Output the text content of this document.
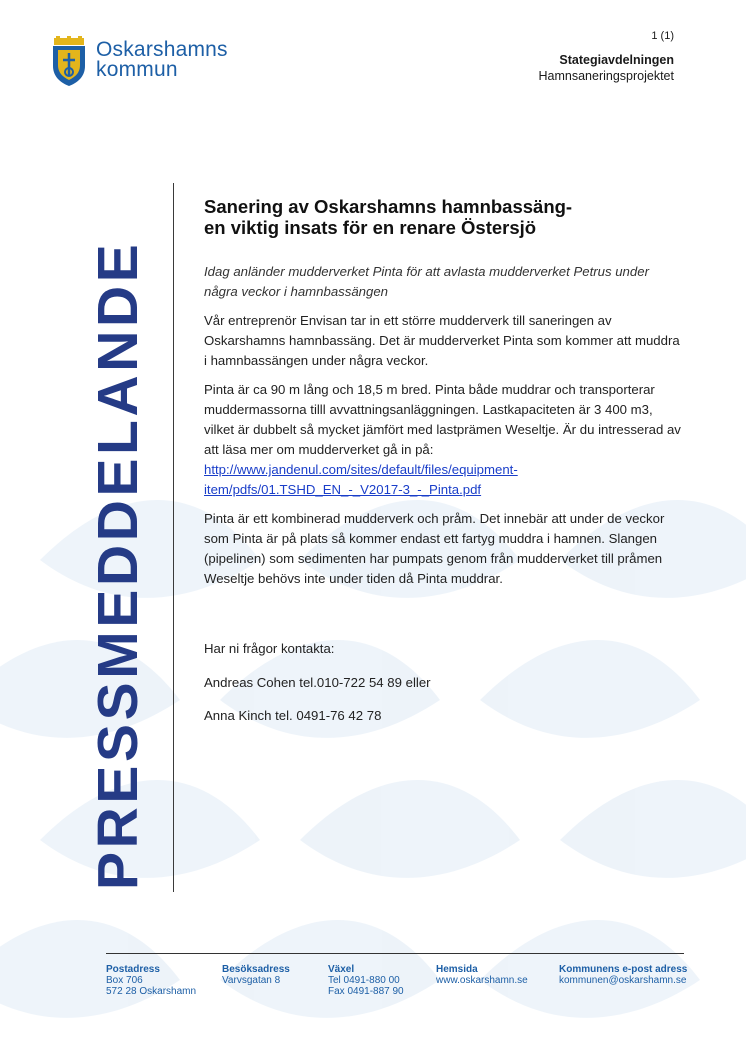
Oskarshamns
kommun
1 (1)
Stategiavdelningen
Hamnsaneringsprojektet
PRESSMEDDELANDE
Sanering av Oskarshamns hamnbassäng-
en viktig insats för en renare Östersjö

Idag anländer mudderverket Pinta för att avlasta mudderverket Petrus under några veckor i hamnbassängen

Vår entreprenör Envisan tar in ett större mudderverk till saneringen av Oskarshamns hamnbassäng. Det är mudderverket Pinta som kommer att muddra i hamnbassängen under några veckor.

Pinta är ca 90 m lång och 18,5 m bred. Pinta både muddrar och transporterar muddermassorna tilll avvattningsanläggningen. Lastkapaciteten är 3 400 m3, vilket är dubbelt så mycket jämfört med lastprämen Weseltje. Är du intresserad av att läsa mer om mudderverket gå in på:
http://www.jandenul.com/sites/default/files/equipment-
item/pdfs/01.TSHD_EN_-_V2017-3_-_Pinta.pdf

Pinta är ett kombinerad mudderverk och pråm. Det innebär att under de veckor som Pinta är på plats så kommer endast ett fartyg muddra i hamnen. Slangen (pipelinen) som sedimenten har pumpats genom från mudderverket till pråmen Weseltje behövs inte under tiden då Pinta muddrar.

Har ni frågor kontakta:
Andreas Cohen tel.010-722 54 89 eller
Anna Kinch tel. 0491-76 42 78
Postadress
Box 706
572 28 Oskarshamn
Besöksadress
Varvsgatan 8
Växel
Tel 0491-880 00
Fax 0491-887 90
Hemsida
www.oskarshamn.se
Kommunens e-post adress
kommunen@oskarshamn.se
